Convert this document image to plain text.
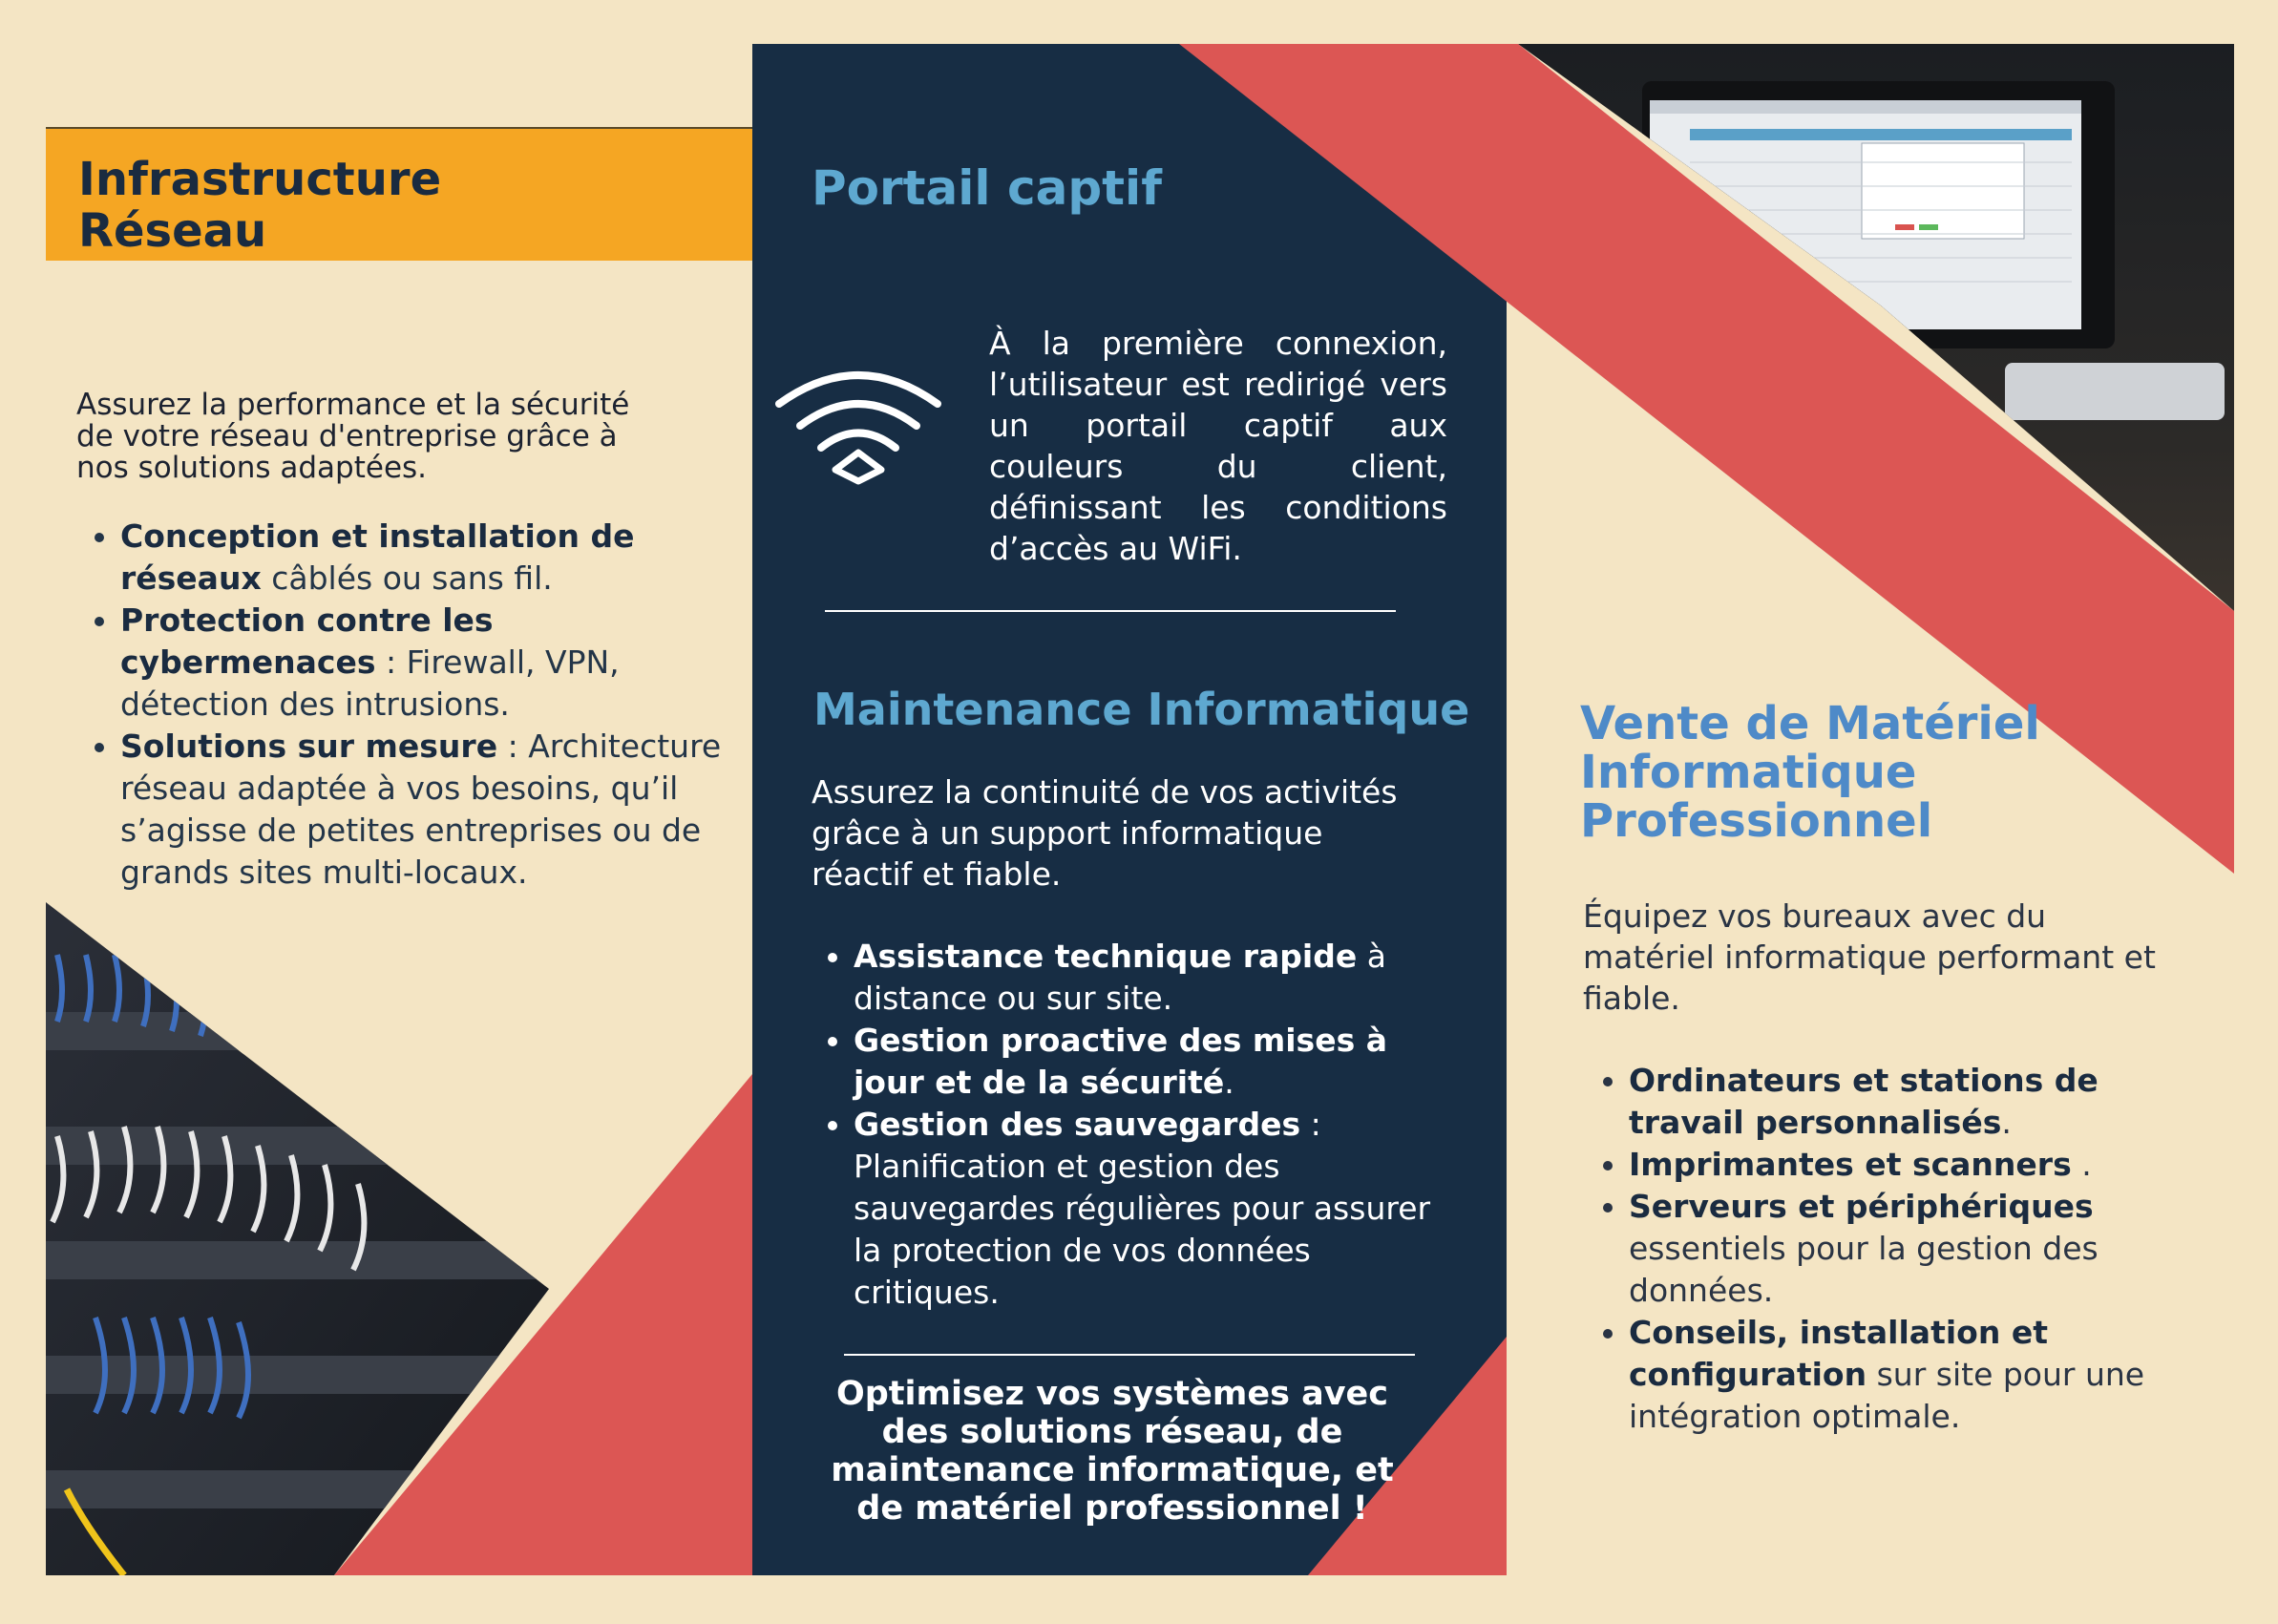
Infrastructure
Réseau
Assurez la performance et la sécurité de votre réseau d'entreprise grâce à nos solutions adaptées.
• Conception et installation de réseaux câblés ou sans fil.
• Protection contre les cybermenaces : Firewall, VPN, détection des intrusions.
• Solutions sur mesure : Architecture réseau adaptée à vos besoins, qu’il s’agisse de petites entreprises ou de grands sites multi-locaux.
Portail captif
À la première connexion, l’utilisateur est redirigé vers un portail captif aux couleurs du client, définissant les conditions d’accès au WiFi.
Maintenance Informatique
Assurez la continuité de vos activités grâce à un support informatique réactif et fiable.
• Assistance technique rapide à distance ou sur site.
• Gestion proactive des mises à jour et de la sécurité.
• Gestion des sauvegardes : Planification et gestion des sauvegardes régulières pour assurer la protection de vos données critiques.
Optimisez vos systèmes avec des solutions réseau, de maintenance informatique, et de matériel professionnel !
Vente de Matériel
Informatique
Professionnel
Équipez vos bureaux avec du matériel informatique performant et fiable.
• Ordinateurs et stations de travail personnalisés.
• Imprimantes et scanners .
• Serveurs et périphériques essentiels pour la gestion des données.
• Conseils, installation et configuration sur site pour une intégration optimale.
